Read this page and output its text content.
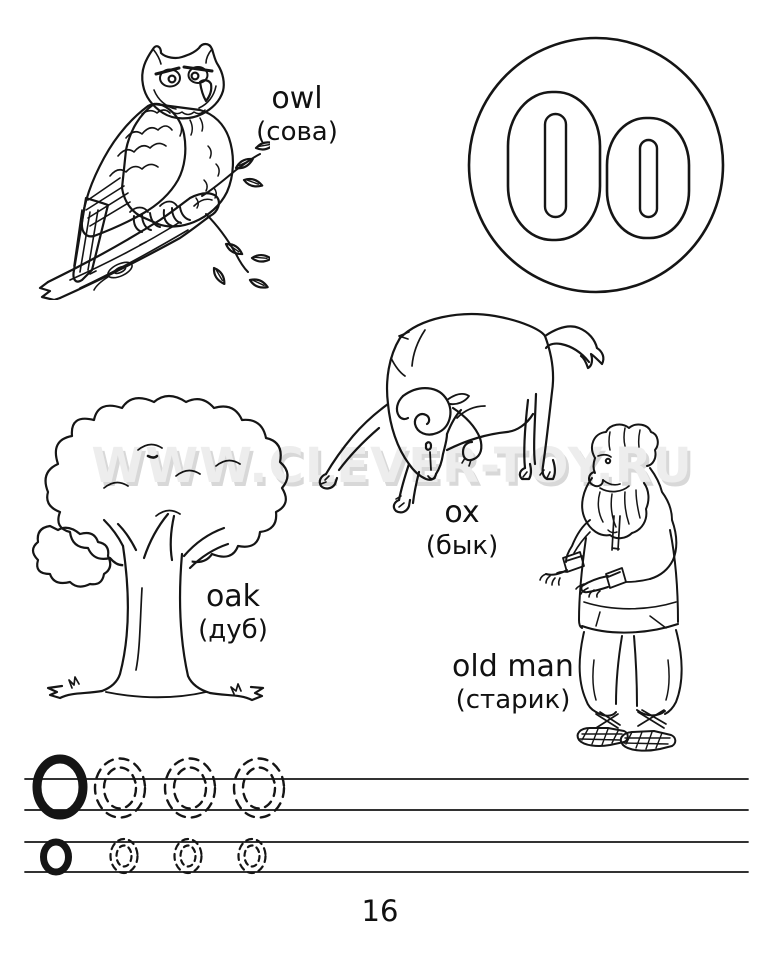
owl
(сова)
ox
(бык)
oak
(дуб)
old man
(старик)
WWW.CLEVER-TOY.RU
16
